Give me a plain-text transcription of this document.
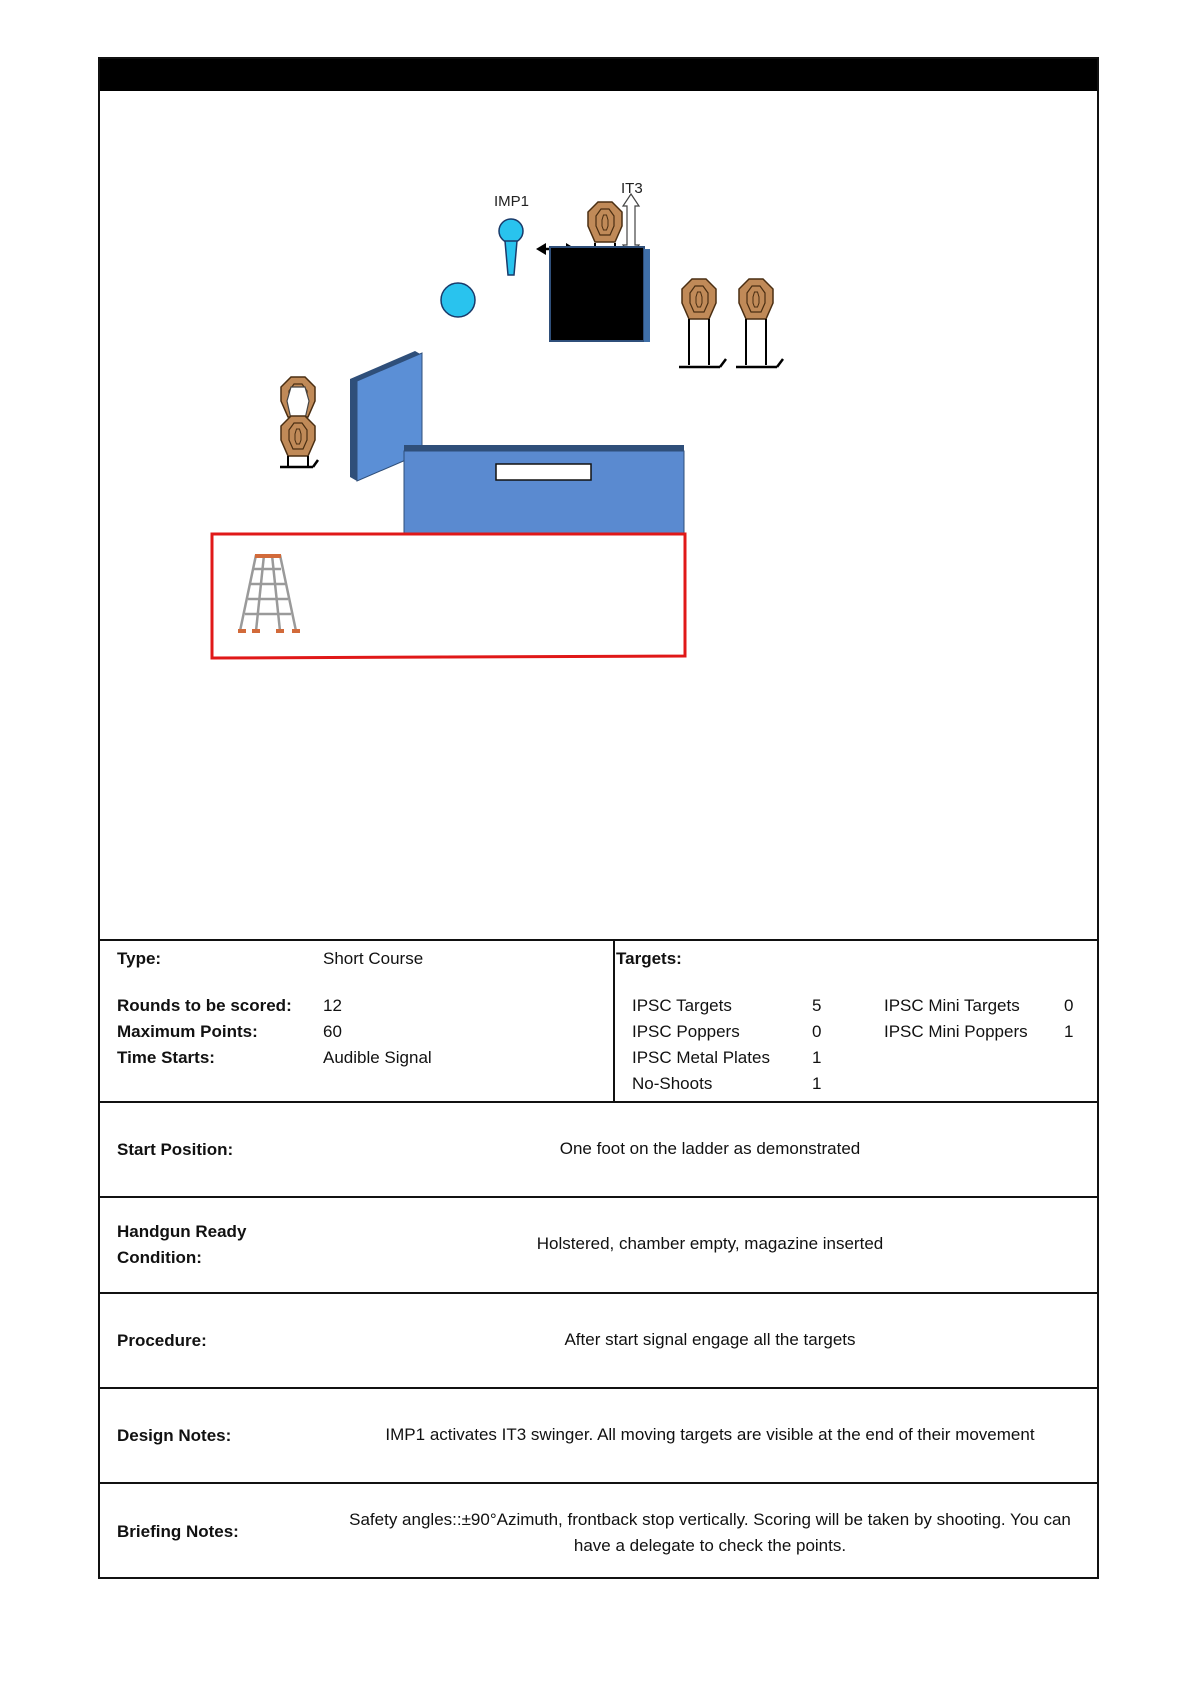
IMP1
IT3
Type:	Short Course
Rounds to be scored: 12
Maximum Points:	60
Time Starts:	Audible Signal
Targets:
IPSC Targets	5
IPSC Poppers	0
IPSC Metal Plates 1
No-Shoots	1
IPSC Mini Targets	0
IPSC Mini Poppers 1
Start Position:	One foot on the ladder as demonstrated
Handgun Ready
Condition:
Holstered, chamber empty, magazine inserted
Procedure:	After start signal engage all the targets
Design Notes:	IMP1 activates IT3 swinger. All moving targets are visible at the end of their movement
Briefing Notes:
Safety angles::±90°Azimuth, frontback stop vertically. Scoring will be taken by shooting. You can have a delegate to check the points.
